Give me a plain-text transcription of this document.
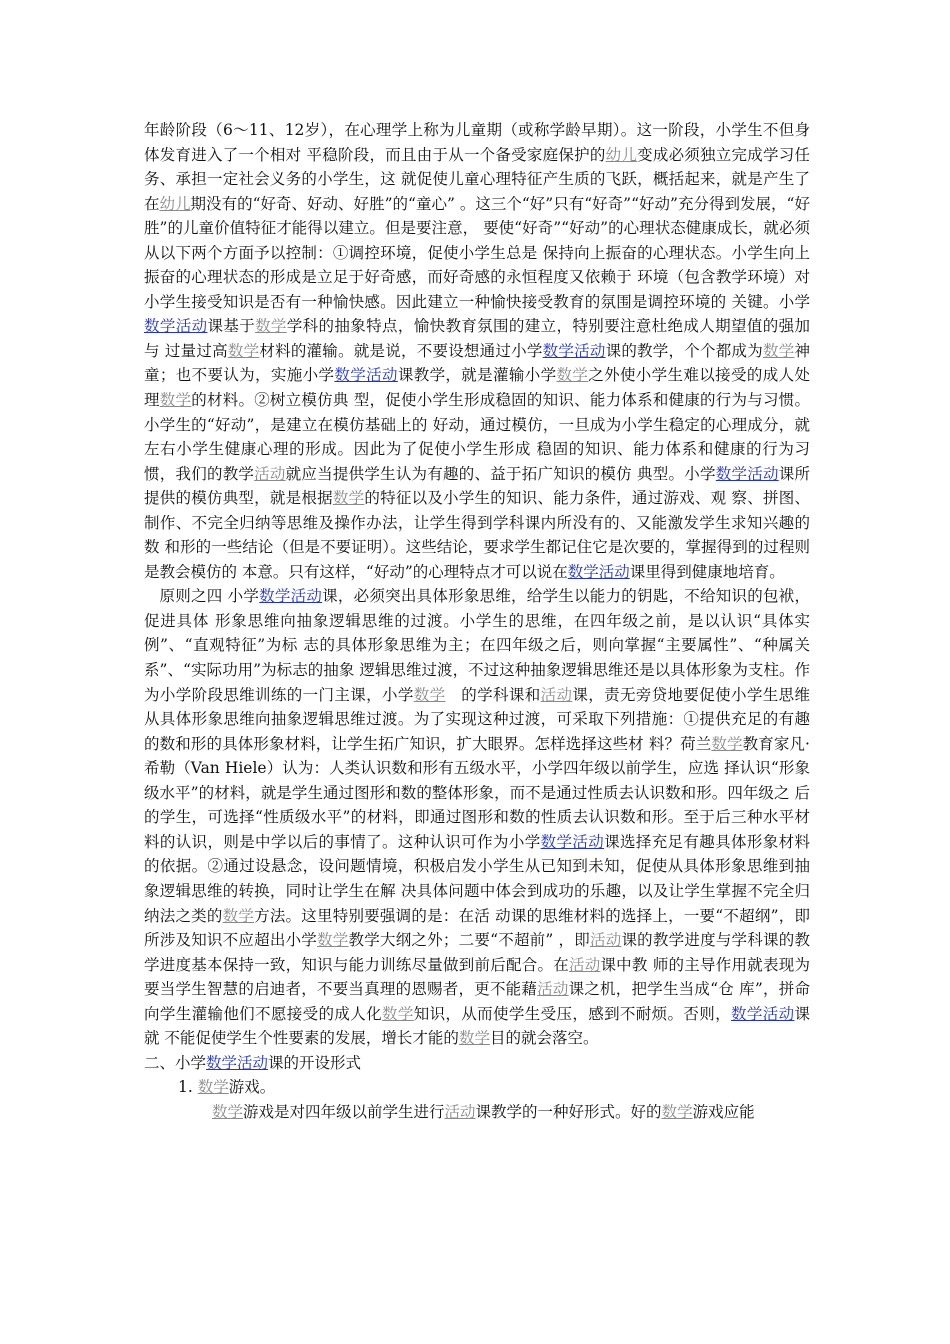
年龄阶段（6～11、12岁），在心理学上称为儿童期（或称学龄早期）。这一阶段，小学生不但身体发育进入了一个相对 平稳阶段，而且由于从一个备受家庭保护的幼儿变成必须独立完成学习任务、承担一定社会义务的小学生，这 就促使儿童心理特征产生质的飞跃，概括起来，就是产生了在幼儿期没有的“好奇、好动、好胜”的“童心” 。这三个“好”只有“好奇”“好动”充分得到发展，“好胜”的儿童价值特征才能得以建立。但是要注意， 要使“好奇”“好动”的心理状态健康成长，就必须从以下两个方面予以控制：①调控环境，促使小学生总是 保持向上振奋的心理状态。小学生向上振奋的心理状态的形成是立足于好奇感，而好奇感的永恒程度又依赖于 环境（包含教学环境）对小学生接受知识是否有一种愉快感。因此建立一种愉快接受教育的氛围是调控环境的 关键。小学数学活动课基于数学学科的抽象特点，愉快教育氛围的建立，特别要注意杜绝成人期望值的强加与 过量过高数学材料的灌输。就是说，不要设想通过小学数学活动课的教学，个个都成为数学神童；也不要认为，实施小学数学活动课教学，就是灌输小学数学之外使小学生难以接受的成人处理数学的材料。②树立模仿典 型，促使小学生形成稳固的知识、能力体系和健康的行为与习惯。小学生的“好动”，是建立在模仿基础上的 好动，通过模仿，一旦成为小学生稳定的心理成分，就左右小学生健康心理的形成。因此为了促使小学生形成 稳固的知识、能力体系和健康的行为习惯，我们的教学活动就应当提供学生认为有趣的、益于拓广知识的模仿 典型。小学数学活动课所提供的模仿典型，就是根据数学的特征以及小学生的知识、能力条件，通过游戏、观 察、拼图、制作、不完全归纳等思维及操作办法，让学生得到学科课内所没有的、又能激发学生求知兴趣的数 和形的一些结论（但是不要证明）。这些结论，要求学生都记住它是次要的，掌握得到的过程则是教会模仿的 本意。只有这样，“好动”的心理特点才可以说在数学活动课里得到健康地培育。

原则之四 小学数学活动课，必须突出具体形象思维，给学生以能力的钥匙，不给知识的包袱，促进具体 形象思维向抽象逻辑思维的过渡。小学生的思维，在四年级之前，是以认识“具体实例”、“直观特征”为标 志的具体形象思维为主；在四年级之后，则向掌握“主要属性”、“种属关系”、“实际功用”为标志的抽象 逻辑思维过渡，不过这种抽象逻辑思维还是以具体形象为支柱。作为小学阶段思维训练的一门主课，小学数学　的学科课和活动课，责无旁贷地要促使小学生思维从具体形象思维向抽象逻辑思维过渡。为了实现这种过渡，可采取下列措施：①提供充足的有趣的数和形的具体形象材料，让学生拓广知识，扩大眼界。怎样选择这些材 料？荷兰数学教育家凡·希勒（Van Hiele）认为：人类认识数和形有五级水平，小学四年级以前学生，应选 择认识“形象级水平”的材料，就是学生通过图形和数的整体形象，而不是通过性质去认识数和形。四年级之 后的学生，可选择“性质级水平”的材料，即通过图形和数的性质去认识数和形。至于后三种水平材料的认识，则是中学以后的事情了。这种认识可作为小学数学活动课选择充足有趣具体形象材料的依据。②通过设悬念，设问题情境，积极启发小学生从已知到未知，促使从具体形象思维到抽象逻辑思维的转换，同时让学生在解 决具体问题中体会到成功的乐趣，以及让学生掌握不完全归纳法之类的数学方法。这里特别要强调的是：在活 动课的思维材料的选择上，一要“不超纲”，即所涉及知识不应超出小学数学教学大纲之外；二要“不超前” ，即活动课的教学进度与学科课的教学进度基本保持一致，知识与能力训练尽量做到前后配合。在活动课中教 师的主导作用就表现为要当学生智慧的启迪者，不要当真理的恩赐者，更不能藉活动课之机，把学生当成“仓 库”，拼命向学生灌输他们不愿接受的成人化数学知识，从而使学生受压，感到不耐烦。否则，数学活动课就 不能促使学生个性要素的发展，增长才能的数学目的就会落空。

二、小学数学活动课的开设形式

1. 数学游戏。

数学游戏是对四年级以前学生进行活动课教学的一种好形式。好的数学游戏应能
